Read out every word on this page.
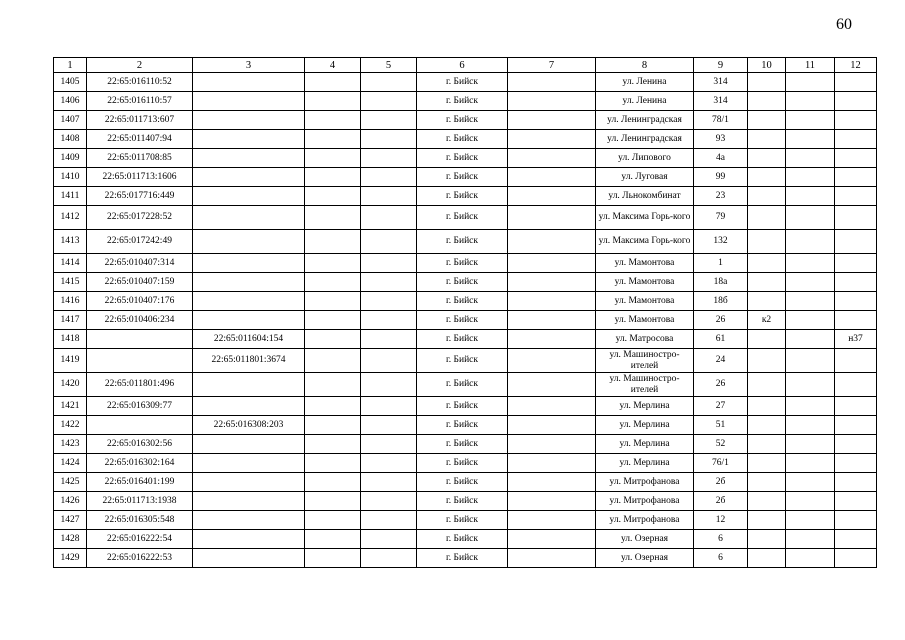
60
1	2	3	4	5	6	7	8	9	10	11	12
1405	22:65:016110:52				г. Бийск		ул. Ленина	314			
1406	22:65:016110:57				г. Бийск		ул. Ленина	314			
1407	22:65:011713:607				г. Бийск		ул. Ленинградская	78/1			
1408	22:65:011407:94				г. Бийск		ул. Ленинградская	93			
1409	22:65:011708:85				г. Бийск		ул. Липового	4а			
1410	22:65:011713:1606				г. Бийск		ул. Луговая	99			
1411	22:65:017716:449				г. Бийск		ул. Льнокомбинат	23			
1412	22:65:017228:52				г. Бийск		ул. Максима Горь-кого	79			
1413	22:65:017242:49				г. Бийск		ул. Максима Горь-кого	132			
1414	22:65:010407:314				г. Бийск		ул. Мамонтова	1			
1415	22:65:010407:159				г. Бийск		ул. Мамонтова	18а			
1416	22:65:010407:176				г. Бийск		ул. Мамонтова	18б			
1417	22:65:010406:234				г. Бийск		ул. Мамонтова	26	к2		
1418		22:65:011604:154			г. Бийск		ул. Матросова	61			н37
1419		22:65:011801:3674			г. Бийск		ул. Машиностро-ителей	24			
1420	22:65:011801:496				г. Бийск		ул. Машиностро-ителей	26			
1421	22:65:016309:77				г. Бийск		ул. Мерлина	27			
1422		22:65:016308:203			г. Бийск		ул. Мерлина	51			
1423	22:65:016302:56				г. Бийск		ул. Мерлина	52			
1424	22:65:016302:164				г. Бийск		ул. Мерлина	76/1			
1425	22:65:016401:199				г. Бийск		ул. Митрофанова	2б			
1426	22:65:011713:1938				г. Бийск		ул. Митрофанова	2б			
1427	22:65:016305:548				г. Бийск		ул. Митрофанова	12			
1428	22:65:016222:54				г. Бийск		ул. Озерная	6			
1429	22:65:016222:53				г. Бийск		ул. Озерная	6			
